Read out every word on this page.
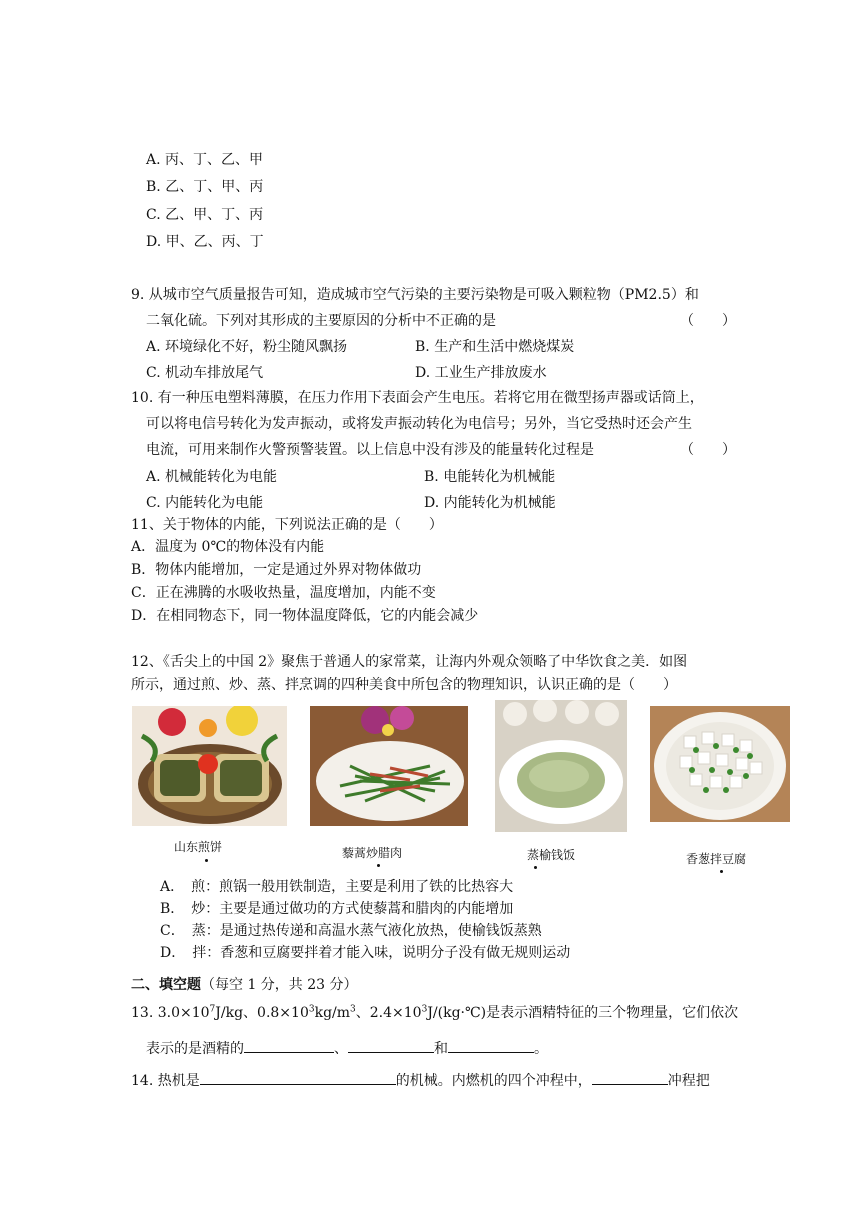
A. 丙、丁、乙、甲
B. 乙、丁、甲、丙
C. 乙、甲、丁、丙
D. 甲、乙、丙、丁
9. 从城市空气质量报告可知，造成城市空气污染的主要污染物是可吸入颗粒物（PM2.5）和
二氧化硫。下列对其形成的主要原因的分析中不正确的是	（　　）
A. 环境绿化不好，粉尘随风飘扬	B. 生产和生活中燃烧煤炭
C. 机动车排放尾气	D. 工业生产排放废水
10. 有一种压电塑料薄膜，在压力作用下表面会产生电压。若将它用在微型扬声器或话筒上，
可以将电信号转化为发声振动，或将发声振动转化为电信号；另外，当它受热时还会产生
电流，可用来制作火警预警装置。以上信息中没有涉及的能量转化过程是	（　　）
A. 机械能转化为电能	B. 电能转化为机械能
C. 内能转化为电能	D. 内能转化为机械能
11、关于物体的内能，下列说法正确的是（　　）
A．温度为 0℃的物体没有内能
B．物体内能增加，一定是通过外界对物体做功
C．正在沸腾的水吸收热量，温度增加，内能不变
D．在相同物态下，同一物体温度降低，它的内能会减少
12、《舌尖上的中国 2》聚焦于普通人的家常菜，让海内外观众领略了中华饮食之美．如图
所示，通过煎、炒、蒸、拌烹调的四种美食中所包含的物理知识，认识正确的是（　　）
山东煎饼	藜蒿炒腊肉	蒸榆钱饭	香葱拌豆腐
A．　煎：煎锅一般用铁制造，主要是利用了铁的比热容大
B．　炒：主要是通过做功的方式使藜蒿和腊肉的内能增加
C．　蒸：是通过热传递和高温水蒸气液化放热，使榆钱饭蒸熟
D．　拌：香葱和豆腐要拌着才能入味，说明分子没有做无规则运动
二、填空题（每空 1 分，共 23 分）
13. $3.0\times 10^7J/kg$、$0.8\times 10^3kg/m^3$、$2.4\times 10^3J/(kg\cdot℃)$是表示酒精特征的三个物理量，它们依次
表示的是酒精的	、	和	。
14. 热机是	的机械。内燃机的四个冲程中，	冲程把
